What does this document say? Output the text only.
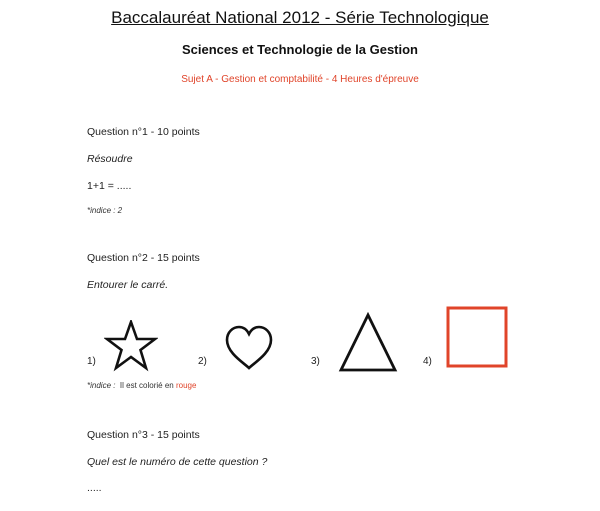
Baccalauréat National 2012 - Série Technologique
Sciences et Technologie de la Gestion
Sujet A - Gestion et comptabilité - 4 Heures d'épreuve
Question n°1 - 10 points
Résoudre
1+1 = .....
*indice : 2
Question n°2 - 15 points
Entourer le carré.
1)	2)	3)	4)
*indice : Il est colorié en rouge
Question n°3 - 15 points
Quel est le numéro de cette question ?
.....
